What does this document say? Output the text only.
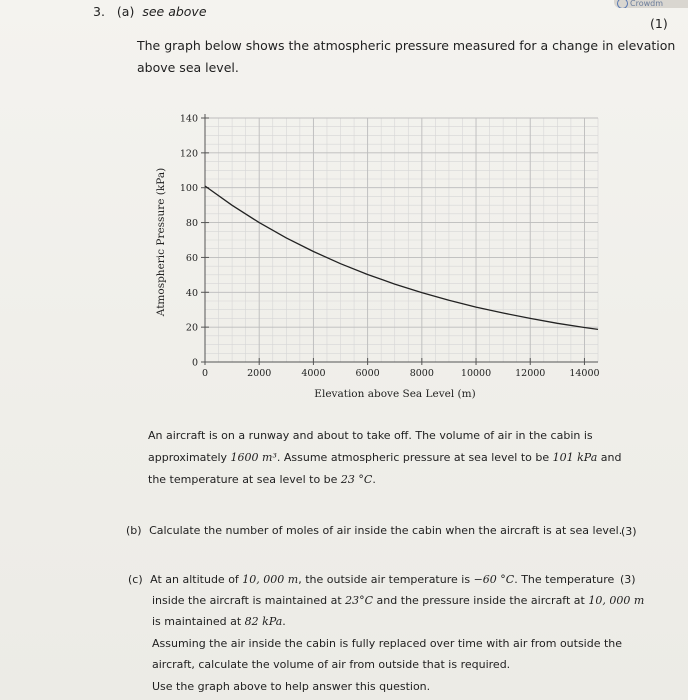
Crowdm
3. (a) see above
(1)
The graph below shows the atmospheric pressure measured for a change in elevation
above sea level.
0	2000	4000	6000	8000	10000	12000	14000
0
20
40
60
80
100
120
140
Elevation above Sea Level (m)
Atmospheric Pressure (kPa)
An aircraft is on a runway and about to take off. The volume of air in the cabin is
approximately 1600 m³. Assume atmospheric pressure at sea level to be 101 kPa and
the temperature at sea level to be 23 °C.
(b) Calculate the number of moles of air inside the cabin when the aircraft is at sea level.
(3)
(c) At an altitude of 10, 000 m, the outside air temperature is −60 °C. The temperature (3)
inside the aircraft is maintained at 23°C and the pressure inside the aircraft at 10, 000 m
is maintained at 82 kPa.
Assuming the air inside the cabin is fully replaced over time with air from outside the
aircraft, calculate the volume of air from outside that is required.
Use the graph above to help answer this question.
